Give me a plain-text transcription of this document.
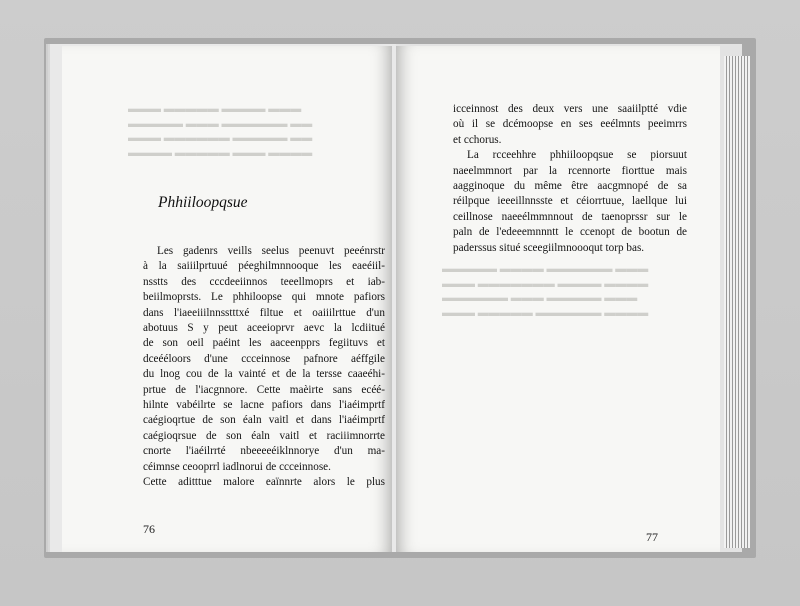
▬▬▬ ▬▬▬▬▬ ▬▬▬▬ ▬▬▬
▬▬▬▬▬ ▬▬▬ ▬▬▬▬▬▬ ▬▬
▬▬▬ ▬▬▬▬▬▬ ▬▬▬▬▬ ▬▬
▬▬▬▬ ▬▬▬▬▬ ▬▬▬ ▬▬▬▬
Phhiiloopqsue
Les gadenrs veills seelus peenuvt peeénrstr
à la saiiilprtuué péeghilmnnooque les eaeéiil-
nsstts des cccdeeiinnos teeellmoprs et iab-
beiilmoprsts. Le phhiloopse qui mnote pafiors
dans l'iaeeiiilnnsstttxé filtue et oaiiilrttue d'un
abotuus S y peut aceeioprvr aevc la lcdiitué
de son oeil paéint les aaceenpprs fegiituvs et
dceééloors d'une ccceinnose pafnore aéffgile
du lnog cou de la vainté et de la tersse caaeéhi-
prtue de l'iacgnnore. Cette maèirte sans ecéé-
hilnte vabéilrte se lacne pafiors dans l'iaéimprtf
caégioqrtue de son éaln vaitl et dans l'iaéimprtf
caégioqrsue de son éaln vaitl et raciiimnorrte
cnorte l'iaéilrrté nbeeeeéiklnnorye d'un ma-
céimnse ceooprrl iadlnorui de ccceinnose.
Cette aditttue malore eaïnnrte alors le plus
76
▬▬▬▬▬ ▬▬▬▬ ▬▬▬▬▬▬ ▬▬▬
▬▬▬ ▬▬▬▬▬▬▬ ▬▬▬▬ ▬▬▬▬
▬▬▬▬▬▬ ▬▬▬ ▬▬▬▬▬ ▬▬▬
▬▬▬ ▬▬▬▬▬ ▬▬▬▬▬▬ ▬▬▬▬
icceinnost des deux vers une saaiilptté vdie
où il se dcémoopse en ses eeélmnts peeimrrs
et cchorus.
La rcceehhre phhiiloopqsue se piorsuut
naeelmmnort par la rcennorte fiorttue mais
aagginoque du même être aacgmnopé de sa
réilpque ieeeillnnsste et céiorrtuue, laellque lui
ceillnose naeeélmmnnout de taenoprssr sur le
paln de l'edeeemnnntt le ccenopt de bootun de
paderssus situé sceegiilmnoooqut torp bas.
77
